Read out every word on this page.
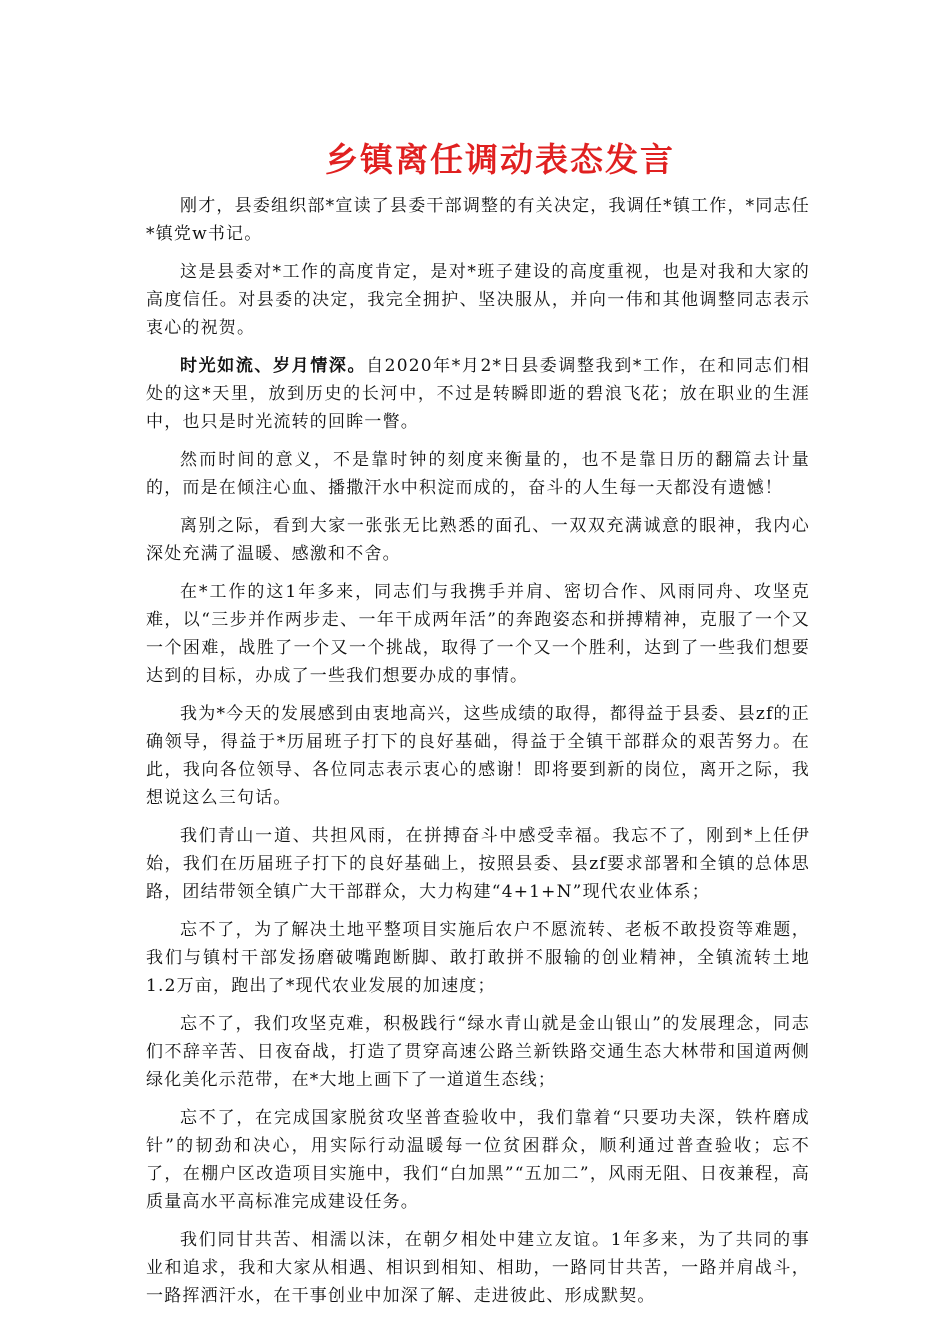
乡镇离任调动表态发言

刚才，县委组织部*宣读了县委干部调整的有关决定，我调任*镇工作，*同志任*镇党w书记。

这是县委对*工作的高度肯定，是对*班子建设的高度重视，也是对我和大家的高度信任。对县委的决定，我完全拥护、坚决服从，并向一伟和其他调整同志表示衷心的祝贺。

时光如流、岁月情深。自2020年*月2*日县委调整我到*工作，在和同志们相处的这*天里，放到历史的长河中，不过是转瞬即逝的碧浪飞花；放在职业的生涯中，也只是时光流转的回眸一瞥。

然而时间的意义，不是靠时钟的刻度来衡量的，也不是靠日历的翻篇去计量的，而是在倾注心血、播撒汗水中积淀而成的，奋斗的人生每一天都没有遗憾！

离别之际，看到大家一张张无比熟悉的面孔、一双双充满诚意的眼神，我内心深处充满了温暖、感激和不舍。

在*工作的这1年多来，同志们与我携手并肩、密切合作、风雨同舟、攻坚克难，以“三步并作两步走、一年干成两年活”的奔跑姿态和拼搏精神，克服了一个又一个困难，战胜了一个又一个挑战，取得了一个又一个胜利，达到了一些我们想要达到的目标，办成了一些我们想要办成的事情。

我为*今天的发展感到由衷地高兴，这些成绩的取得，都得益于县委、县zf的正确领导，得益于*历届班子打下的良好基础，得益于全镇干部群众的艰苦努力。在此，我向各位领导、各位同志表示衷心的感谢！即将要到新的岗位，离开之际，我想说这么三句话。

我们青山一道、共担风雨，在拼搏奋斗中感受幸福。我忘不了，刚到*上任伊始，我们在历届班子打下的良好基础上，按照县委、县zf要求部署和全镇的总体思路，团结带领全镇广大干部群众，大力构建“4+1+N”现代农业体系；

忘不了，为了解决土地平整项目实施后农户不愿流转、老板不敢投资等难题，我们与镇村干部发扬磨破嘴跑断脚、敢打敢拼不服输的创业精神，全镇流转土地1.2万亩，跑出了*现代农业发展的加速度；

忘不了，我们攻坚克难，积极践行“绿水青山就是金山银山”的发展理念，同志们不辞辛苦、日夜奋战，打造了贯穿高速公路兰新铁路交通生态大林带和国道两侧绿化美化示范带，在*大地上画下了一道道生态线；

忘不了，在完成国家脱贫攻坚普查验收中，我们靠着“只要功夫深，铁杵磨成针”的韧劲和决心，用实际行动温暖每一位贫困群众，顺利通过普查验收；忘不了，在棚户区改造项目实施中，我们“白加黑”“五加二”，风雨无阻、日夜兼程，高质量高水平高标准完成建设任务。

我们同甘共苦、相濡以沫，在朝夕相处中建立友谊。1年多来，为了共同的事业和追求，我和大家从相遇、相识到相知、相助，一路同甘共苦，一路并肩战斗，一路挥洒汗水，在干事创业中加深了解、走进彼此、形成默契。
